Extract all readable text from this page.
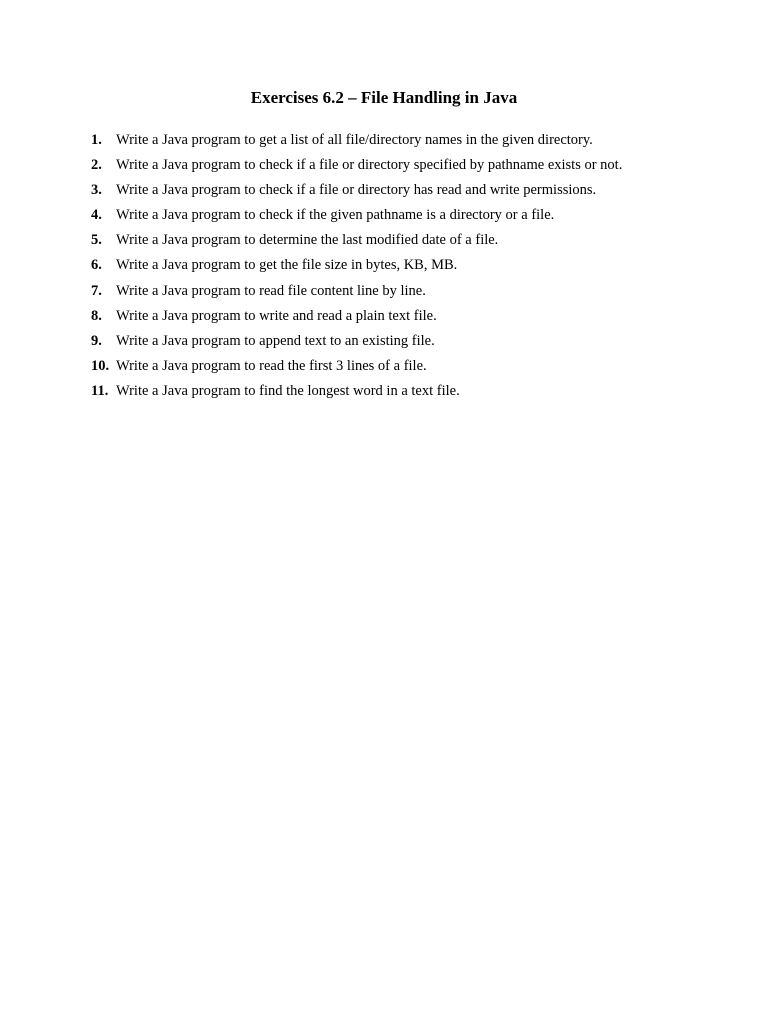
Exercises 6.2 – File Handling in Java
1. Write a Java program to get a list of all file/directory names in the given directory.
2. Write a Java program to check if a file or directory specified by pathname exists or not.
3. Write a Java program to check if a file or directory has read and write permissions.
4. Write a Java program to check if the given pathname is a directory or a file.
5. Write a Java program to determine the last modified date of a file.
6. Write a Java program to get the file size in bytes, KB, MB.
7. Write a Java program to read file content line by line.
8. Write a Java program to write and read a plain text file.
9. Write a Java program to append text to an existing file.
10. Write a Java program to read the first 3 lines of a file.
11. Write a Java program to find the longest word in a text file.
